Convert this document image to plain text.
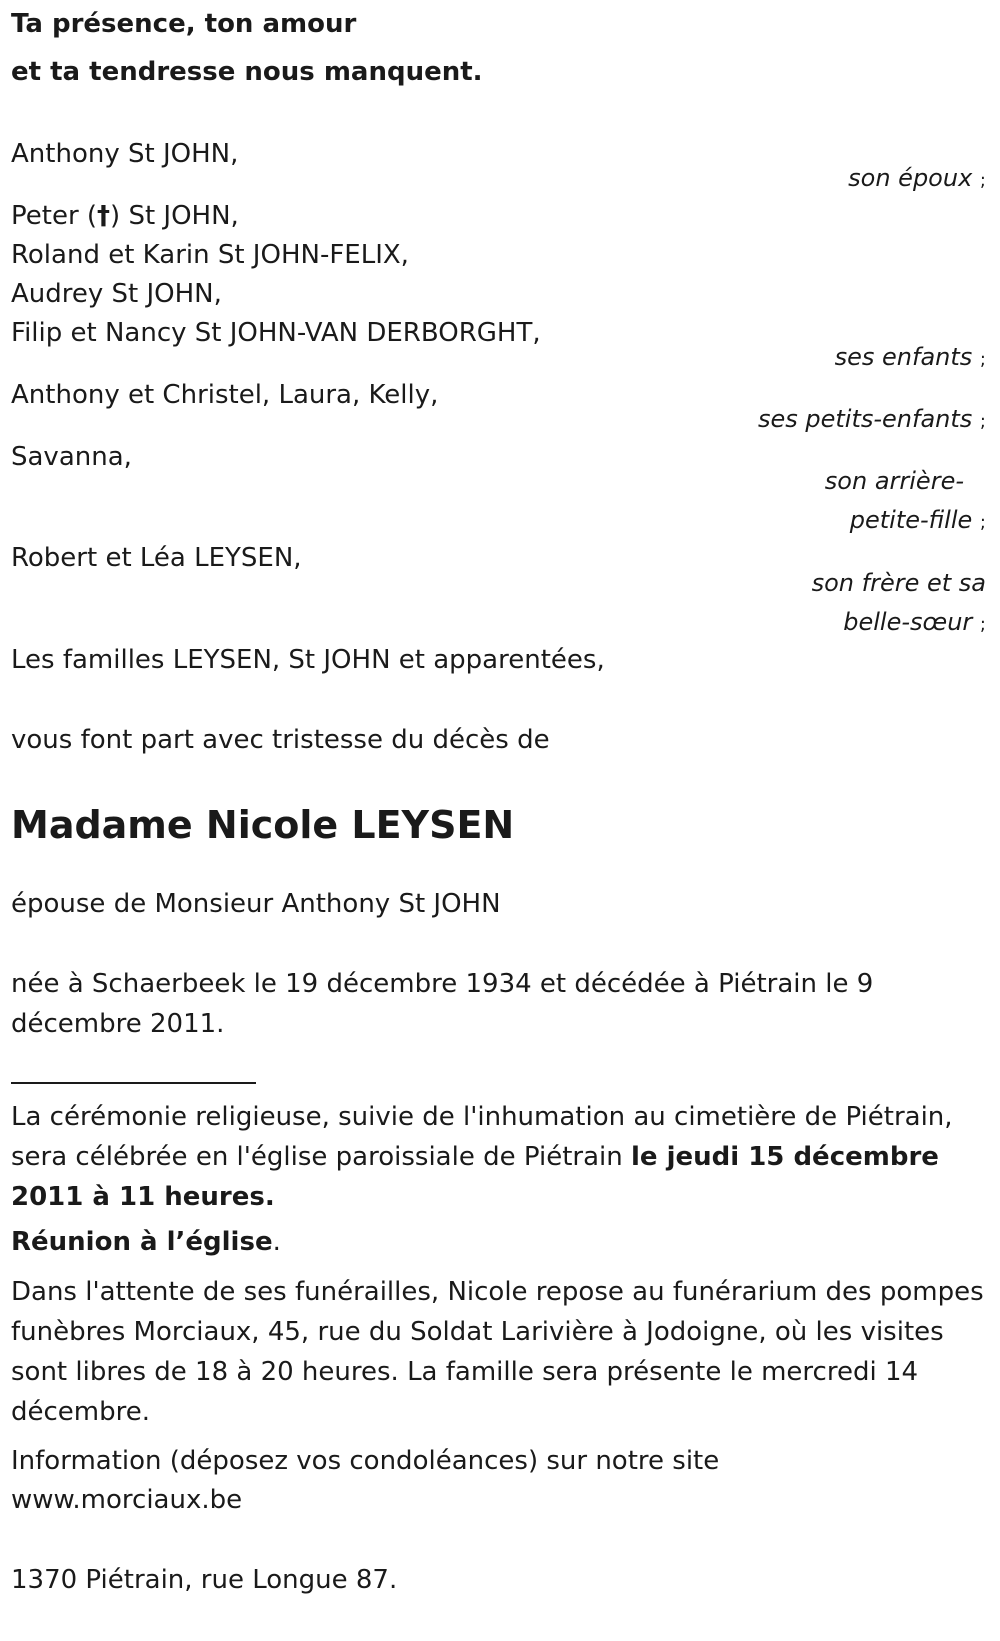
Ta présence, ton amour
et ta tendresse nous manquent.
Anthony St JOHN,
son époux ;
Peter (†) St JOHN,
Roland et Karin St JOHN-FELIX,
Audrey St JOHN,
Filip et Nancy St JOHN-VAN DERBORGHT,
ses enfants ;
Anthony et Christel, Laura, Kelly,
ses petits-enfants ;
Savanna,
son arrière-
petite-fille ;
Robert et Léa LEYSEN,
son frère et sa
belle-sœur ;
Les familles LEYSEN, St JOHN et apparentées,
vous font part avec tristesse du décès de
Madame Nicole LEYSEN
épouse de Monsieur Anthony St JOHN
née à Schaerbeek le 19 décembre 1934 et décédée à Piétrain le 9 décembre 2011.
La cérémonie religieuse, suivie de l'inhumation au cimetière de Piétrain, sera célébrée en l'église paroissiale de Piétrain le jeudi 15 décembre 2011 à 11 heures.
Réunion à l’église.
Dans l'attente de ses funérailles, Nicole repose au funérarium des pompes funèbres Morciaux, 45, rue du Soldat Larivière à Jodoigne, où les visites sont libres de 18 à 20 heures. La famille sera présente le mercredi 14 décembre.
Information (déposez vos condoléances) sur notre site
www.morciaux.be
1370 Piétrain, rue Longue 87.
